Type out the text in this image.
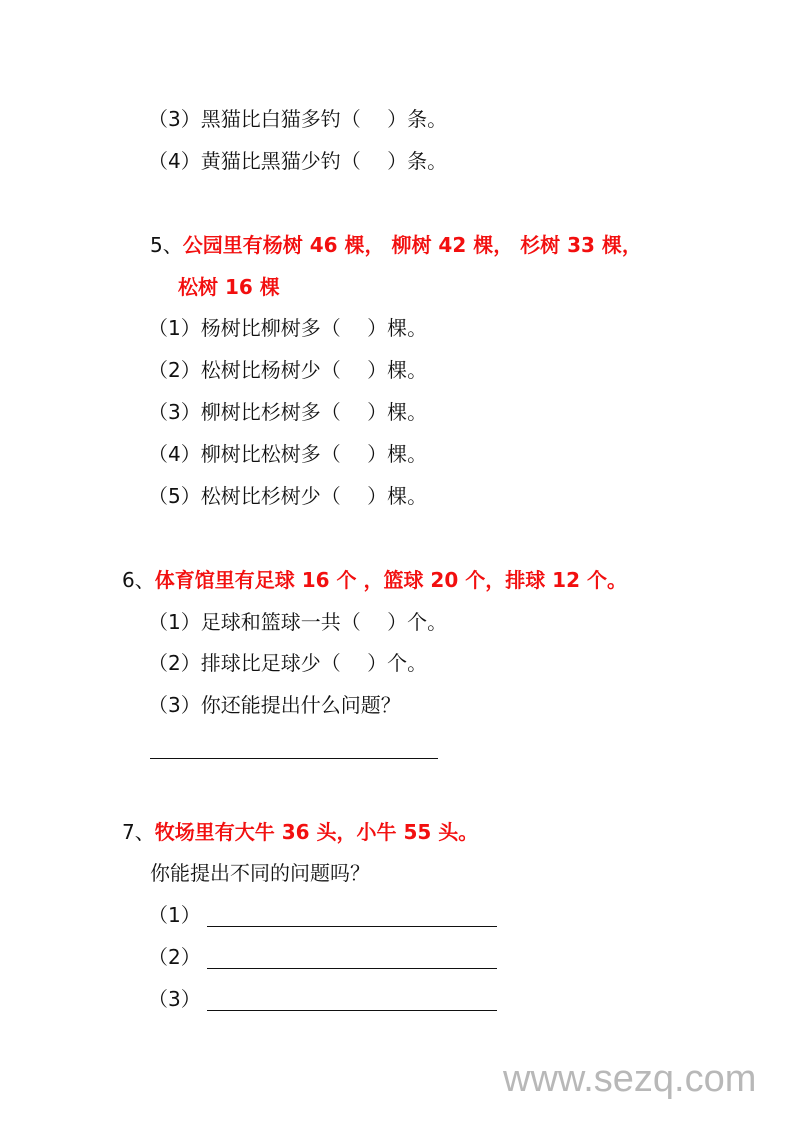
（3）黑猫比白猫多钓（　 ）条。
（4）黄猫比黑猫少钓（　 ）条。
5、公园里有杨树 46 棵， 柳树 42 棵， 杉树 33 棵，
松树 16 棵
（1）杨树比柳树多（　 ）棵。
（2）松树比杨树少（　 ）棵。
（3）柳树比杉树多（　 ）棵。
（4）柳树比松树多（　 ）棵。
（5）松树比杉树少（　 ）棵。
6、体育馆里有足球 16 个 ，篮球 20 个，排球 12 个。
（1）足球和篮球一共（　 ）个。
（2）排球比足球少（　 ）个。
（3）你还能提出什么问题？
7、牧场里有大牛 36 头，小牛 55 头。
你能提出不同的问题吗？
（1）
（2）
（3）
www.sezq.com
